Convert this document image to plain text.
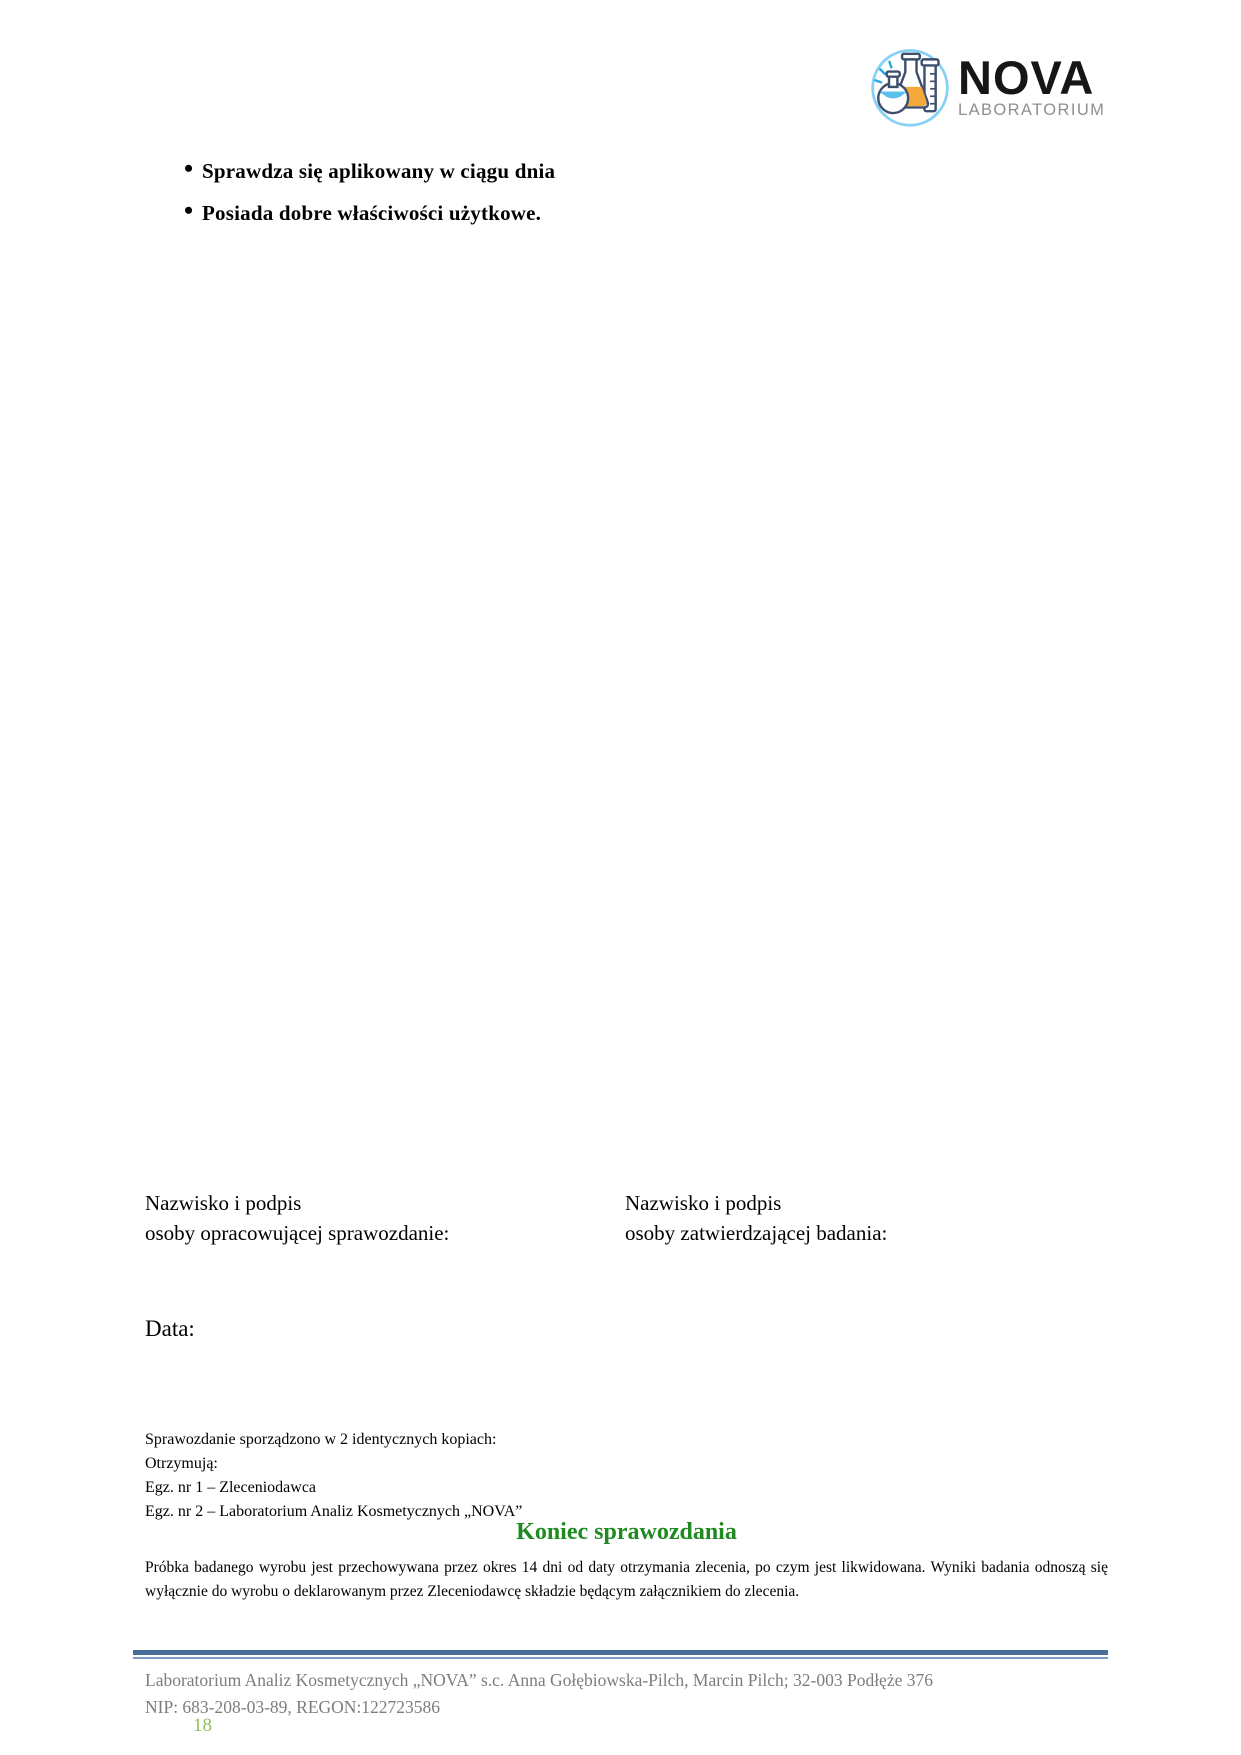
NOVA
LABORATORIUM
• Sprawdza się aplikowany w ciągu dnia
• Posiada dobre właściwości użytkowe.
Nazwisko i podpis
osoby opracowującej sprawozdanie:
Nazwisko i podpis
osoby zatwierdzającej badania:
Data:
Sprawozdanie sporządzono w 2 identycznych kopiach:
Otrzymują:
Egz. nr 1 – Zleceniodawca
Egz. nr 2 – Laboratorium Analiz Kosmetycznych „NOVA”
Koniec sprawozdania
Próbka badanego wyrobu jest przechowywana przez okres 14 dni od daty otrzymania zlecenia, po czym jest likwidowana. Wyniki badania odnoszą się wyłącznie do wyrobu o deklarowanym przez Zleceniodawcę składzie będącym załącznikiem do zlecenia.
Laboratorium Analiz Kosmetycznych „NOVA” s.c. Anna Gołębiowska-Pilch, Marcin Pilch; 32-003 Podłęże 376
NIP: 683-208-03-89, REGON:122723586
18
